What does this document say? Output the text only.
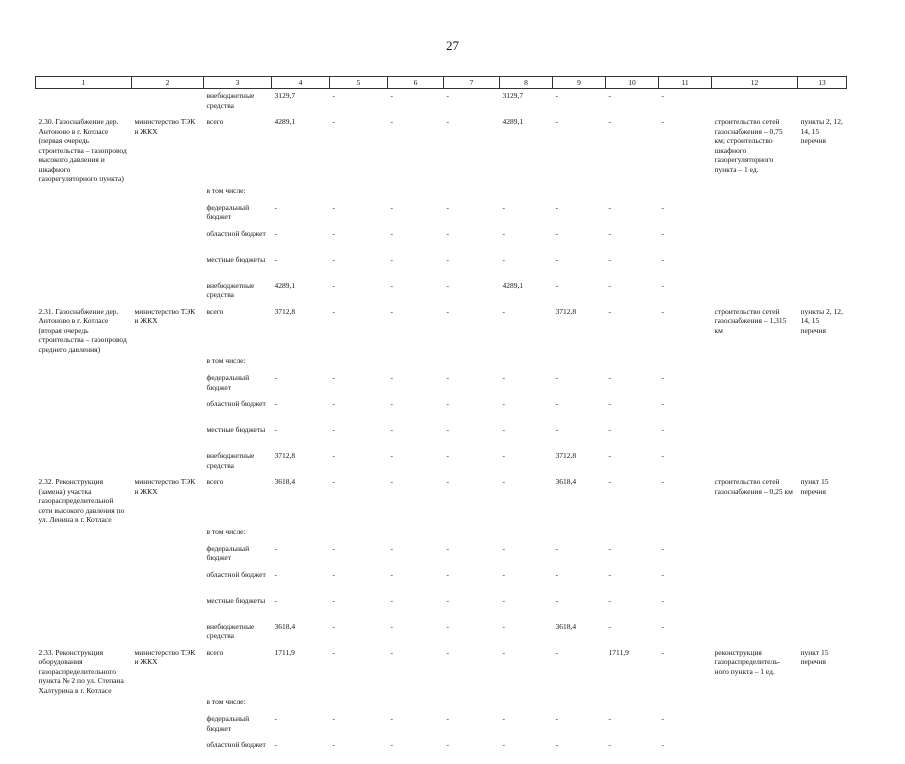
27
1	2	3	4	5	6	7	8	9	10	11	12	13
		внебюджетные средства	3129,7	-	-	-	3129,7	-	-	-		
2.30. Газоснабжение дер. Антоново в г. Котласе (первая очередь строительства – газопровод высокого давления и шкафного газорегуляторного пункта)	министерство ТЭК и ЖКХ	всего	4289,1	-	-	-	4289,1	-	-	-	строительство сетей газоснабжения – 0,75 км; строительство шкафного газорегуляторного пункта – 1 ед.	пункты 2, 12, 14, 15 перечня
		в том числе:										
		федеральный бюджет	-	-	-	-	-	-	-	-		
		областной бюджет	-	-	-	-	-	-	-	-		
		местные бюджеты	-	-	-	-	-	-	-	-		
		внебюджетные средства	4289,1	-	-	-	4289,1	-	-	-		
2.31. Газоснабжение дер. Антоново в г. Котласе (вторая очередь строительства – газопровод среднего давления)	министерство ТЭК и ЖКХ	всего	3712,8	-	-	-	-	3712,8	-	-	строительство сетей газоснабжения – 1,315 км	пункты 2, 12, 14, 15 перечня
		в том числе:										
		федеральный бюджет	-	-	-	-	-	-	-	-		
		областной бюджет	-	-	-	-	-	-	-	-		
		местные бюджеты	-	-	-	-	-	-	-	-		
		внебюджетные средства	3712,8	-	-	-	-	3712,8	-	-		
2.32. Реконструкция (замена) участка газораспределительной сети высокого давления по ул. Ленина в г. Котласе	министерство ТЭК и ЖКХ	всего	3618,4	-	-	-	-	3618,4	-	-	строительство сетей газоснабжения – 0,25 км	пункт 15 перечня
		в том числе:										
		федеральный бюджет	-	-	-	-	-	-	-	-		
		областной бюджет	-	-	-	-	-	-	-	-		
		местные бюджеты	-	-	-	-	-	-	-	-		
		внебюджетные средства	3618,4	-	-	-	-	3618,4	-	-		
2.33. Реконструкция оборудования газораспределительного пункта № 2 по ул. Степана Халтурина в г. Котласе	министерство ТЭК и ЖКХ	всего	1711,9	-	-	-	-	-	1711,9	-	реконструкция газораспределитель-ного пункта – 1 ед.	пункт 15 перечня
		в том числе:										
		федеральный бюджет	-	-	-	-	-	-	-	-		
		областной бюджет	-	-	-	-	-	-	-	-		
